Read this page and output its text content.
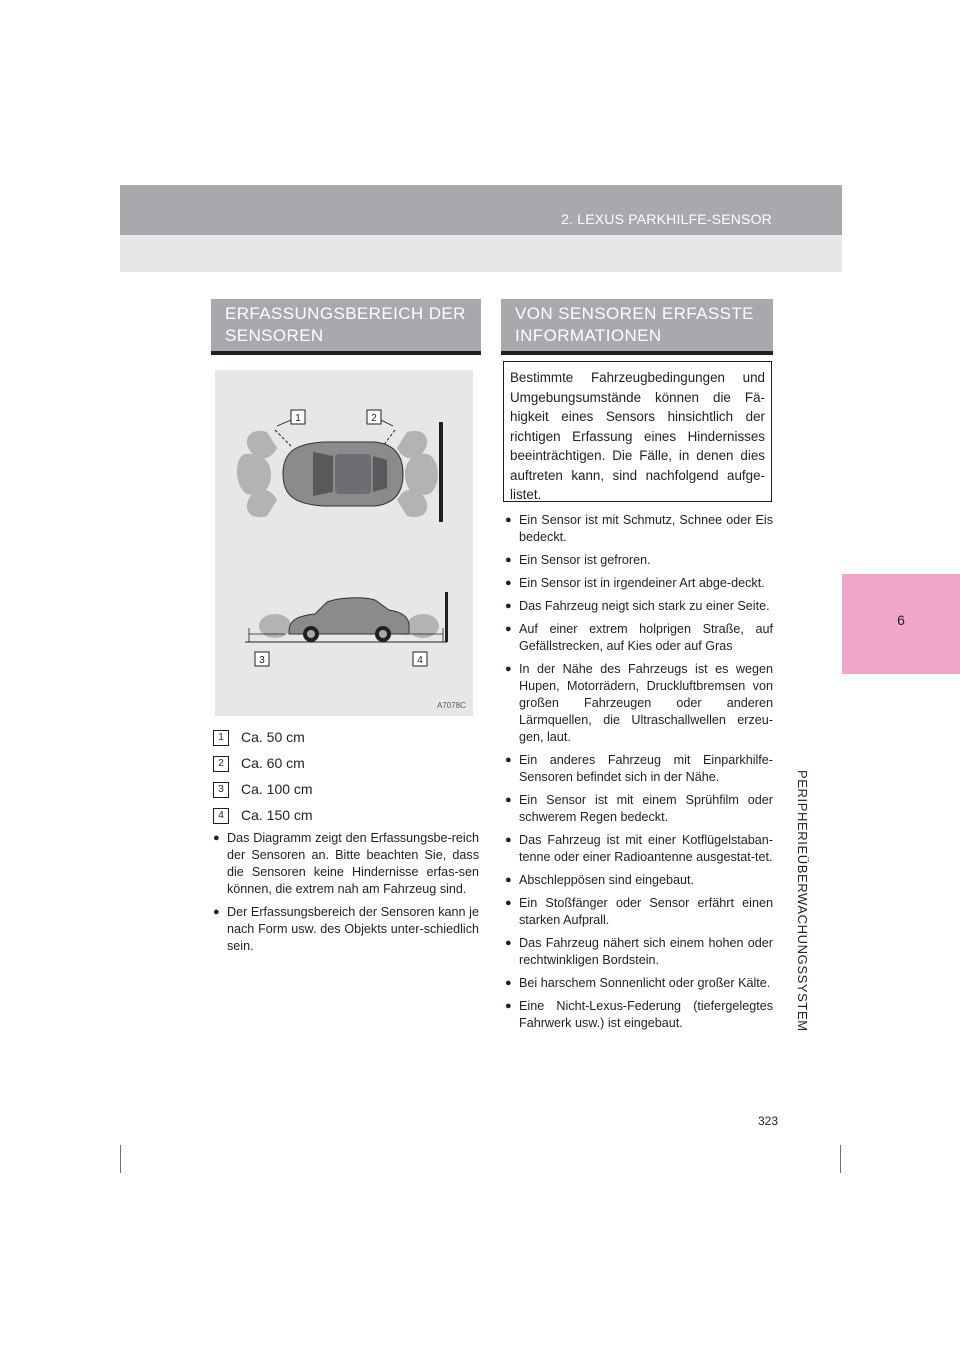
2. LEXUS PARKHILFE-SENSOR
6
PERIPHERIEÜBERWACHUNGSSYSTEM
ERFASSUNGSBEREICH DER SENSOREN
1	2
3	4
A7078C
1 Ca. 50 cm
2 Ca. 60 cm
3 Ca. 100 cm
4 Ca. 150 cm
● Das Diagramm zeigt den Erfassungsbe-reich der Sensoren an. Bitte beachten Sie, dass die Sensoren keine Hindernisse erfas-sen können, die extrem nah am Fahrzeug sind.
● Der Erfassungsbereich der Sensoren kann je nach Form usw. des Objekts unter-schiedlich sein.
VON SENSOREN ERFASSTE INFORMATIONEN
Bestimmte Fahrzeugbedingungen und Umgebungsumstände können die Fä-higkeit eines Sensors hinsichtlich der richtigen Erfassung eines Hindernisses beeinträchtigen. Die Fälle, in denen dies auftreten kann, sind nachfolgend aufge-listet.
● Ein Sensor ist mit Schmutz, Schnee oder Eis bedeckt.
● Ein Sensor ist gefroren.
● Ein Sensor ist in irgendeiner Art abge-deckt.
● Das Fahrzeug neigt sich stark zu einer Seite.
● Auf einer extrem holprigen Straße, auf Gefällstrecken, auf Kies oder auf Gras
● In der Nähe des Fahrzeugs ist es wegen Hupen, Motorrädern, Druckluftbremsen von großen Fahrzeugen oder anderen Lärmquellen, die Ultraschallwellen erzeu-gen, laut.
● Ein anderes Fahrzeug mit Einparkhilfe-Sensoren befindet sich in der Nähe.
● Ein Sensor ist mit einem Sprühfilm oder schwerem Regen bedeckt.
● Das Fahrzeug ist mit einer Kotflügelstaban-tenne oder einer Radioantenne ausgestat-tet.
● Abschleppösen sind eingebaut.
● Ein Stoßfänger oder Sensor erfährt einen starken Aufprall.
● Das Fahrzeug nähert sich einem hohen oder rechtwinkligen Bordstein.
● Bei harschem Sonnenlicht oder großer Kälte.
● Eine Nicht-Lexus-Federung (tiefergelegtes Fahrwerk usw.) ist eingebaut.
323
